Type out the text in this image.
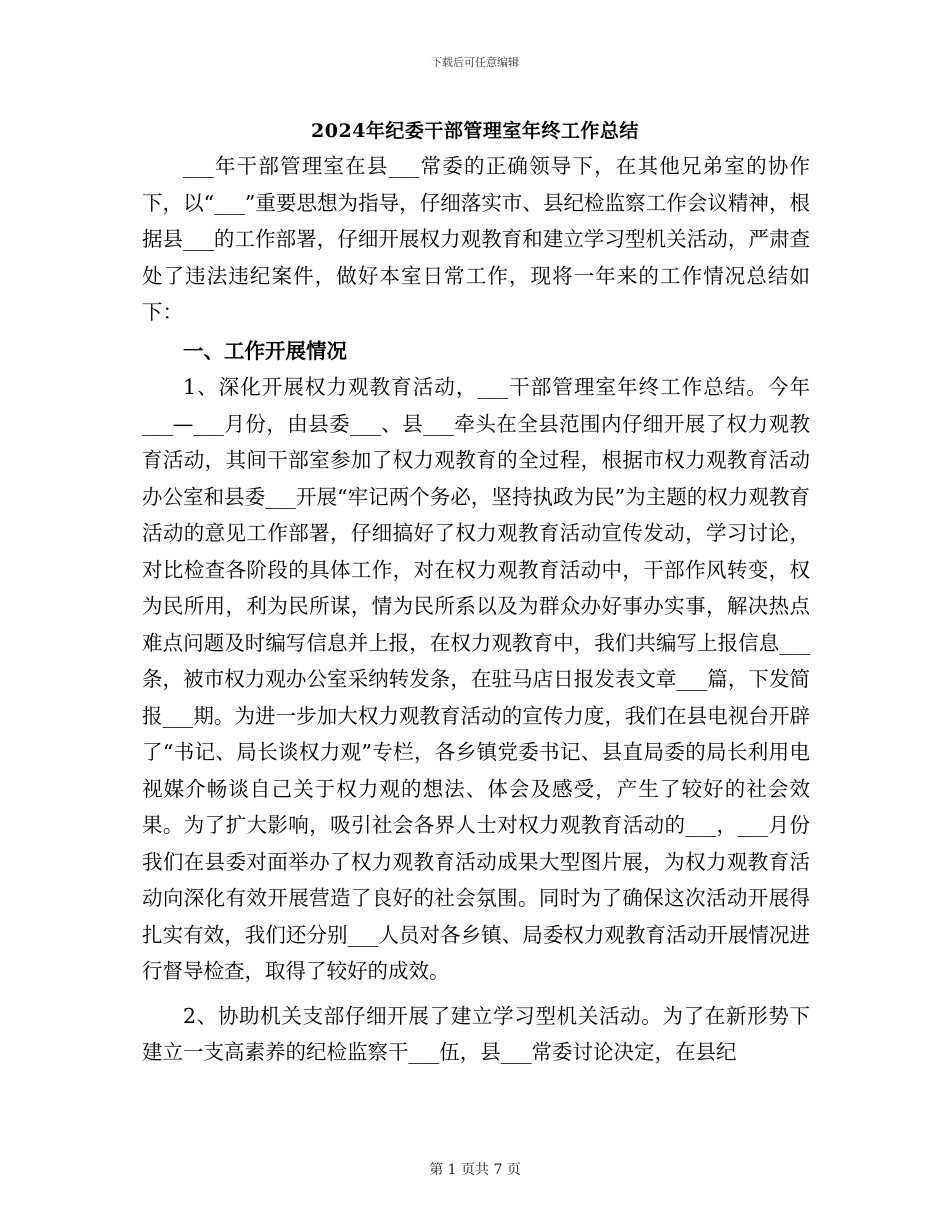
下载后可任意编辑
2024年纪委干部管理室年终工作总结

___年干部管理室在县___常委的正确领导下，在其他兄弟室的协作下，以“___”重要思想为指导，仔细落实市、县纪检监察工作会议精神，根据县___的工作部署，仔细开展权力观教育和建立学习型机关活动，严肃查处了违法违纪案件，做好本室日常工作，现将一年来的工作情况总结如下：

一、工作开展情况

1、深化开展权力观教育活动，___干部管理室年终工作总结。今年___—___月份，由县委___、县___牵头在全县范围内仔细开展了权力观教育活动，其间干部室参加了权力观教育的全过程，根据市权力观教育活动办公室和县委___开展“牢记两个务必，坚持执政为民”为主题的权力观教育活动的意见工作部署，仔细搞好了权力观教育活动宣传发动，学习讨论，对比检查各阶段的具体工作，对在权力观教育活动中，干部作风转变，权为民所用，利为民所谋，情为民所系以及为群众办好事办实事，解决热点难点问题及时编写信息并上报，在权力观教育中，我们共编写上报信息___条，被市权力观办公室采纳转发条，在驻马店日报发表文章___篇，下发简报___期。为进一步加大权力观教育活动的宣传力度，我们在县电视台开辟了“书记、局长谈权力观”专栏，各乡镇党委书记、县直局委的局长利用电视媒介畅谈自己关于权力观的想法、体会及感受，产生了较好的社会效果。为了扩大影响，吸引社会各界人士对权力观教育活动的___，___月份我们在县委对面举办了权力观教育活动成果大型图片展，为权力观教育活动向深化有效开展营造了良好的社会氛围。同时为了确保这次活动开展得扎实有效，我们还分别___人员对各乡镇、局委权力观教育活动开展情况进行督导检查，取得了较好的成效。

2、协助机关支部仔细开展了建立学习型机关活动。为了在新形势下建立一支高素养的纪检监察干___伍，县___常委讨论决定，在县纪

第 1 页共 7 页
